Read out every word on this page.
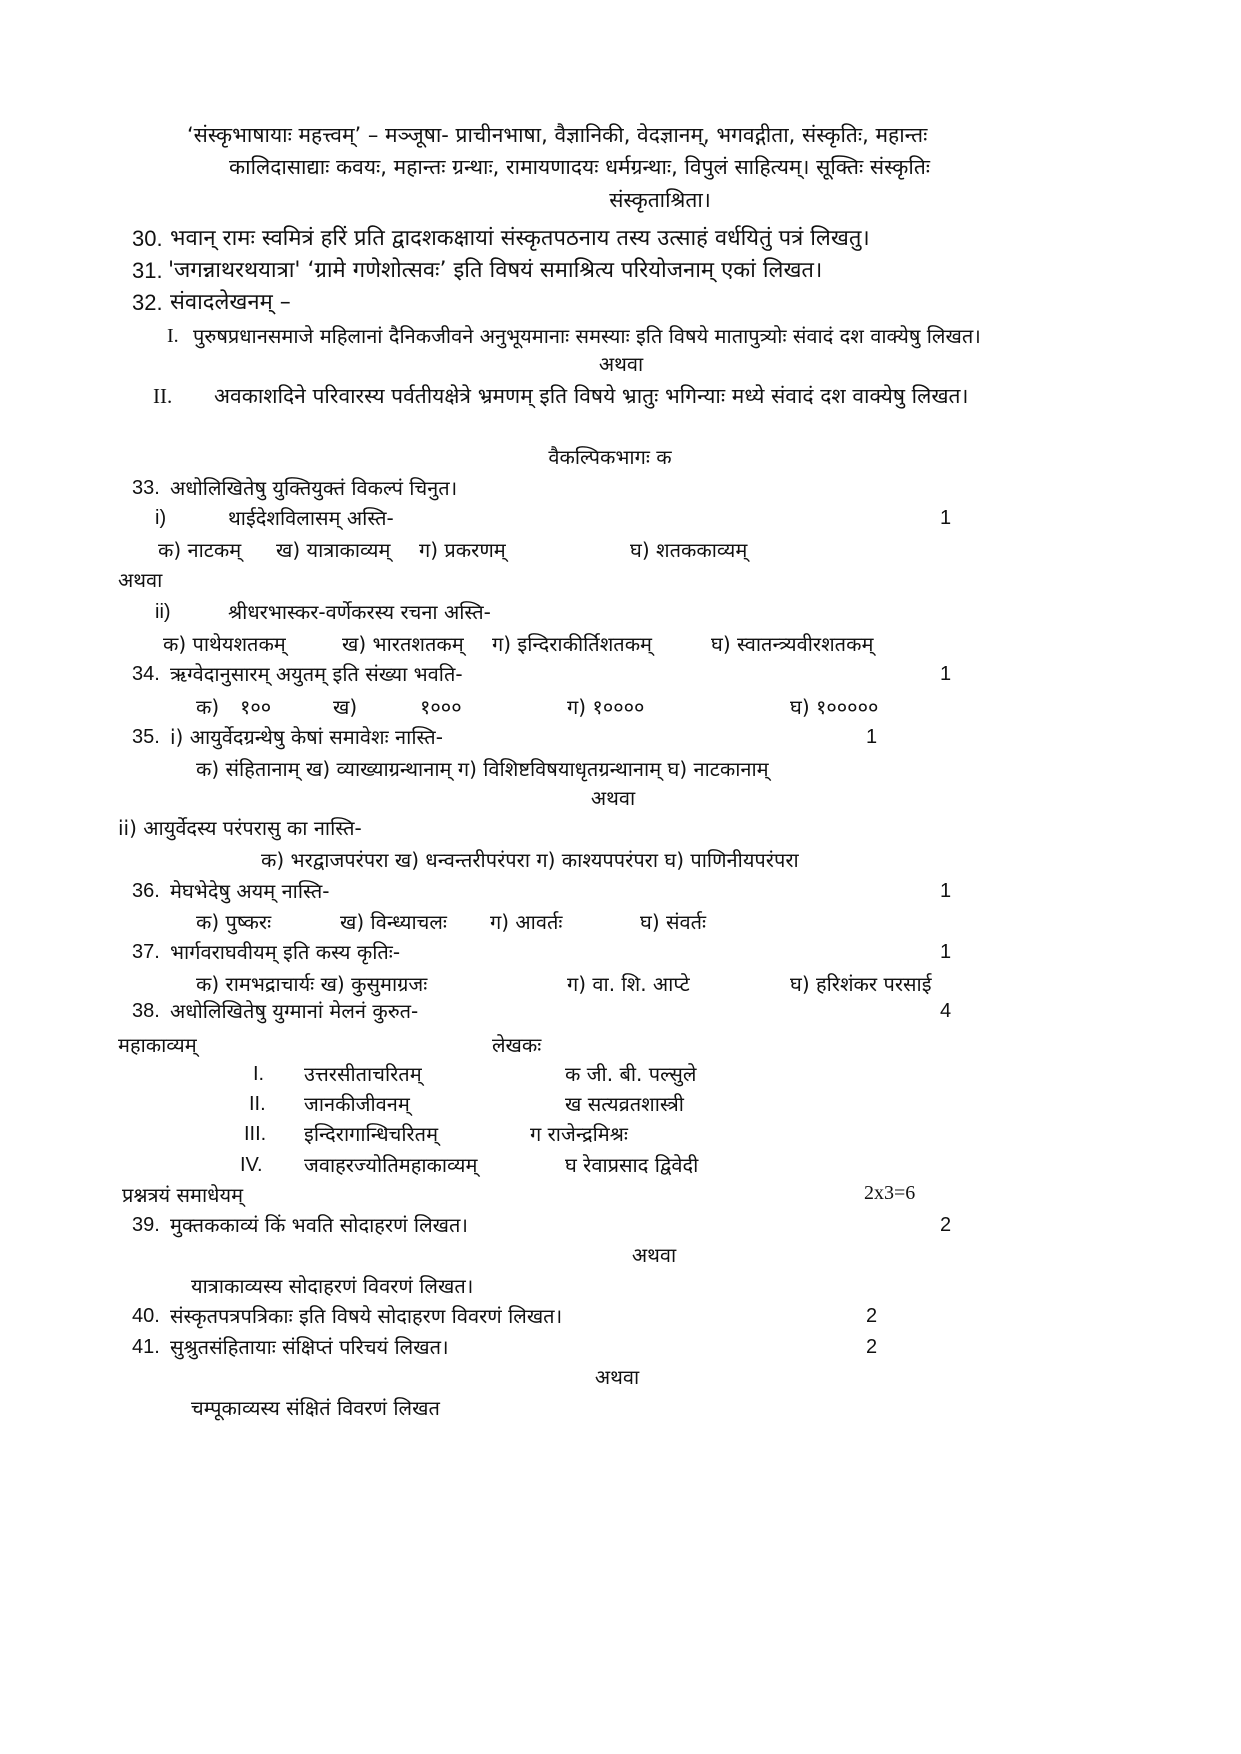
‘संस्कृभाषायाः महत्त्वम्’ – मञ्जूषा- प्राचीनभाषा, वैज्ञानिकी, वेदज्ञानम्, भगवद्गीता, संस्कृतिः, महान्तः
कालिदासाद्याः कवयः, महान्तः ग्रन्थाः, रामायणादयः धर्मग्रन्थाः, विपुलं साहित्यम्। सूक्तिः संस्कृतिः
संस्कृताश्रिता।
30. भवान् रामः स्वमित्रं हरिं प्रति द्वादशकक्षायां संस्कृतपठनाय तस्य उत्साहं वर्धयितुं पत्रं लिखतु।
31. 'जगन्नाथरथयात्रा' ‘ग्रामे गणेशोत्सवः’ इति विषयं समाश्रित्य परियोजनाम् एकां लिखत।
32. संवादलेखनम् –
I. पुरुषप्रधानसमाजे महिलानां दैनिकजीवने अनुभूयमानाः समस्याः इति विषये मातापुत्र्योः संवादं दश वाक्येषु लिखत।
अथवा
II. अवकाशदिने परिवारस्य पर्वतीयक्षेत्रे भ्रमणम् इति विषये भ्रातुः भगिन्याः मध्ये संवादं दश वाक्येषु लिखत।
वैकल्पिकभागः क
33. अधोलिखितेषु युक्तियुक्तं विकल्पं चिनुत।
i)	थाईदेशविलासम् अस्ति-	1
क) नाटकम् ख) यात्राकाव्यम् ग) प्रकरणम्	घ) शतककाव्यम्
अथवा
ii)	श्रीधरभास्कर-वर्णेकरस्य रचना अस्ति-
क) पाथेयशतकम्	ख) भारतशतकम् ग) इन्दिराकीर्तिशतकम्	घ) स्वातन्त्र्यवीरशतकम्
34. ऋग्वेदानुसारम् अयुतम् इति संख्या भवति-	1
क) १००	ख)	१०००	ग) १००००	घ) १०००००
35. i) आयुर्वेदग्रन्थेषु केषां समावेशः नास्ति-	1
क) संहितानाम् ख) व्याख्याग्रन्थानाम् ग) विशिष्टविषयाधृतग्रन्थानाम् घ) नाटकानाम्
अथवा
ii) आयुर्वेदस्य परंपरासु का नास्ति-
क) भरद्वाजपरंपरा ख) धन्वन्तरीपरंपरा ग) काश्यपपरंपरा घ) पाणिनीयपरंपरा
36. मेघभेदेषु अयम् नास्ति-	1
क) पुष्करः	ख) विन्ध्याचलः ग) आवर्तः	घ) संवर्तः
37. भार्गवराघवीयम् इति कस्य कृतिः-	1
क) रामभद्राचार्यः ख) कुसुमाग्रजः	ग) वा. शि. आप्टे	घ) हरिशंकर परसाई
38. अधोलिखितेषु युग्मानां मेलनं कुरुत-	4
महाकाव्यम्	लेखकः
I. उत्तरसीताचरितम्	क जी. बी. पल्सुले
II. जानकीजीवनम्	ख सत्यव्रतशास्त्री
III. इन्दिरागान्धिचरितम्	ग राजेन्द्रमिश्रः
IV. जवाहरज्योतिमहाकाव्यम्	घ रेवाप्रसाद द्विवेदी
प्रश्नत्रयं समाधेयम्	2x3=6
39. मुक्तककाव्यं किं भवति सोदाहरणं लिखत।	2
अथवा
यात्राकाव्यस्य सोदाहरणं विवरणं लिखत।
40. संस्कृतपत्रपत्रिकाः इति विषये सोदाहरण विवरणं लिखत।	2
41. सुश्रुतसंहितायाः संक्षिप्तं परिचयं लिखत।	2
अथवा
चम्पूकाव्यस्य संक्षितं विवरणं लिखत
